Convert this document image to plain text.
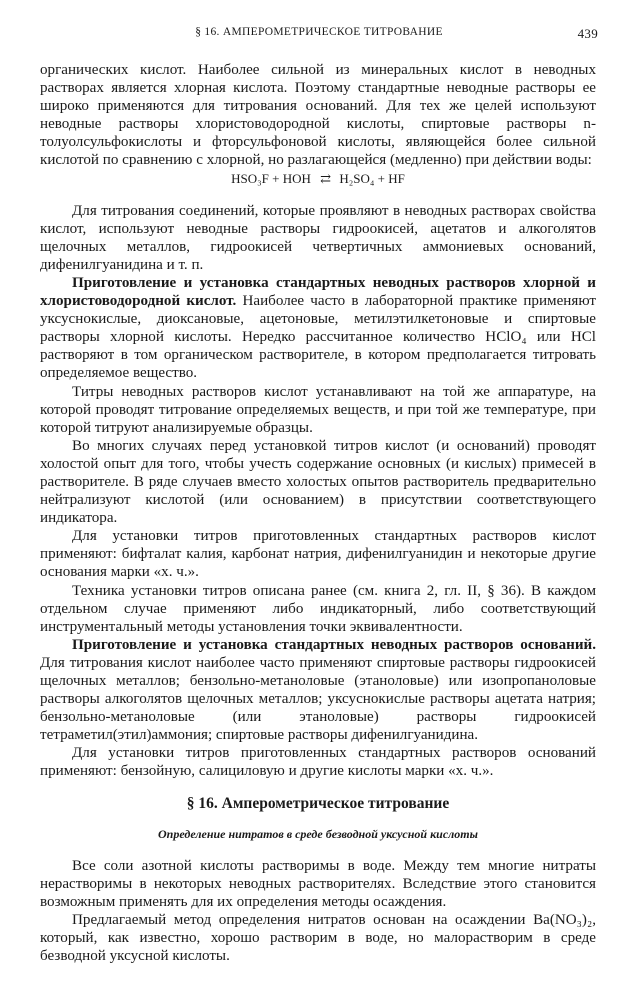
§ 16. АМПЕРОМЕТРИЧЕСКОЕ ТИТРОВАНИЕ	439

органических кислот. Наиболее сильной из минеральных кислот в неводных растворах является хлорная кислота. Поэтому стандартные неводные растворы ее широко применяются для титрования оснований. Для тех же целей используют неводные растворы хлористоводородной кислоты, спиртовые растворы n-толуолсульфокислоты и фторсульфоновой кислоты, являющейся более сильной кислотой по сравнению с хлорной, но разлагающейся (медленно) при действии воды:

HSO₃F + HOH ⇄ H₂SO₄ + HF

Для титрования соединений, которые проявляют в неводных растворах свойства кислот, используют неводные растворы гидроокисей, ацетатов и алкоголятов щелочных металлов, гидроокисей четвертичных аммониевых оснований, дифенилгуанидина и т. п.

Приготовление и установка стандартных неводных растворов хлорной и хлористоводородной кислот. Наиболее часто в лабораторной практике применяют уксуснокислые, диоксановые, ацетоновые, метилэтилкетоновые и спиртовые растворы хлорной кислоты. Нередко рассчитанное количество HClO₄ или HCl растворяют в том органическом растворителе, в котором предполагается титровать определяемое вещество.

Титры неводных растворов кислот устанавливают на той же аппаратуре, на которой проводят титрование определяемых веществ, и при той же температуре, при которой титруют анализируемые образцы.

Во многих случаях перед установкой титров кислот (и оснований) проводят холостой опыт для того, чтобы учесть содержание основных (и кислых) примесей в растворителе. В ряде случаев вместо холостых опытов растворитель предварительно нейтрализуют кислотой (или основанием) в присутствии соответствующего индикатора.

Для установки титров приготовленных стандартных растворов кислот применяют: бифталат калия, карбонат натрия, дифенилгуанидин и некоторые другие основания марки «х. ч.».

Техника установки титров описана ранее (см. книга 2, гл. II, § 36). В каждом отдельном случае применяют либо индикаторный, либо соответствующий инструментальный методы установления точки эквивалентности.

Приготовление и установка стандартных неводных растворов оснований. Для титрования кислот наиболее часто применяют спиртовые растворы гидроокисей щелочных металлов; бензольно-метаноловые (этаноловые) или изопропаноловые растворы алкоголятов щелочных металлов; уксуснокислые растворы ацетата натрия; бензольно-метаноловые (или этаноловые) растворы гидроокисей тетраметил(этил)аммония; спиртовые растворы дифенилгуанидина.

Для установки титров приготовленных стандартных растворов оснований применяют: бензойную, салициловую и другие кислоты марки «х. ч.».

§ 16. Амперометрическое титрование
Определение нитратов в среде безводной уксусной кислоты

Все соли азотной кислоты растворимы в воде. Между тем многие нитраты нерастворимы в некоторых неводных растворителях. Вследствие этого становится возможным применять для их определения методы осаждения.

Предлагаемый метод определения нитратов основан на осаждении Ba(NO₃)₂, который, как известно, хорошо растворим в воде, но малорастворим в среде безводной уксусной кислоты.
